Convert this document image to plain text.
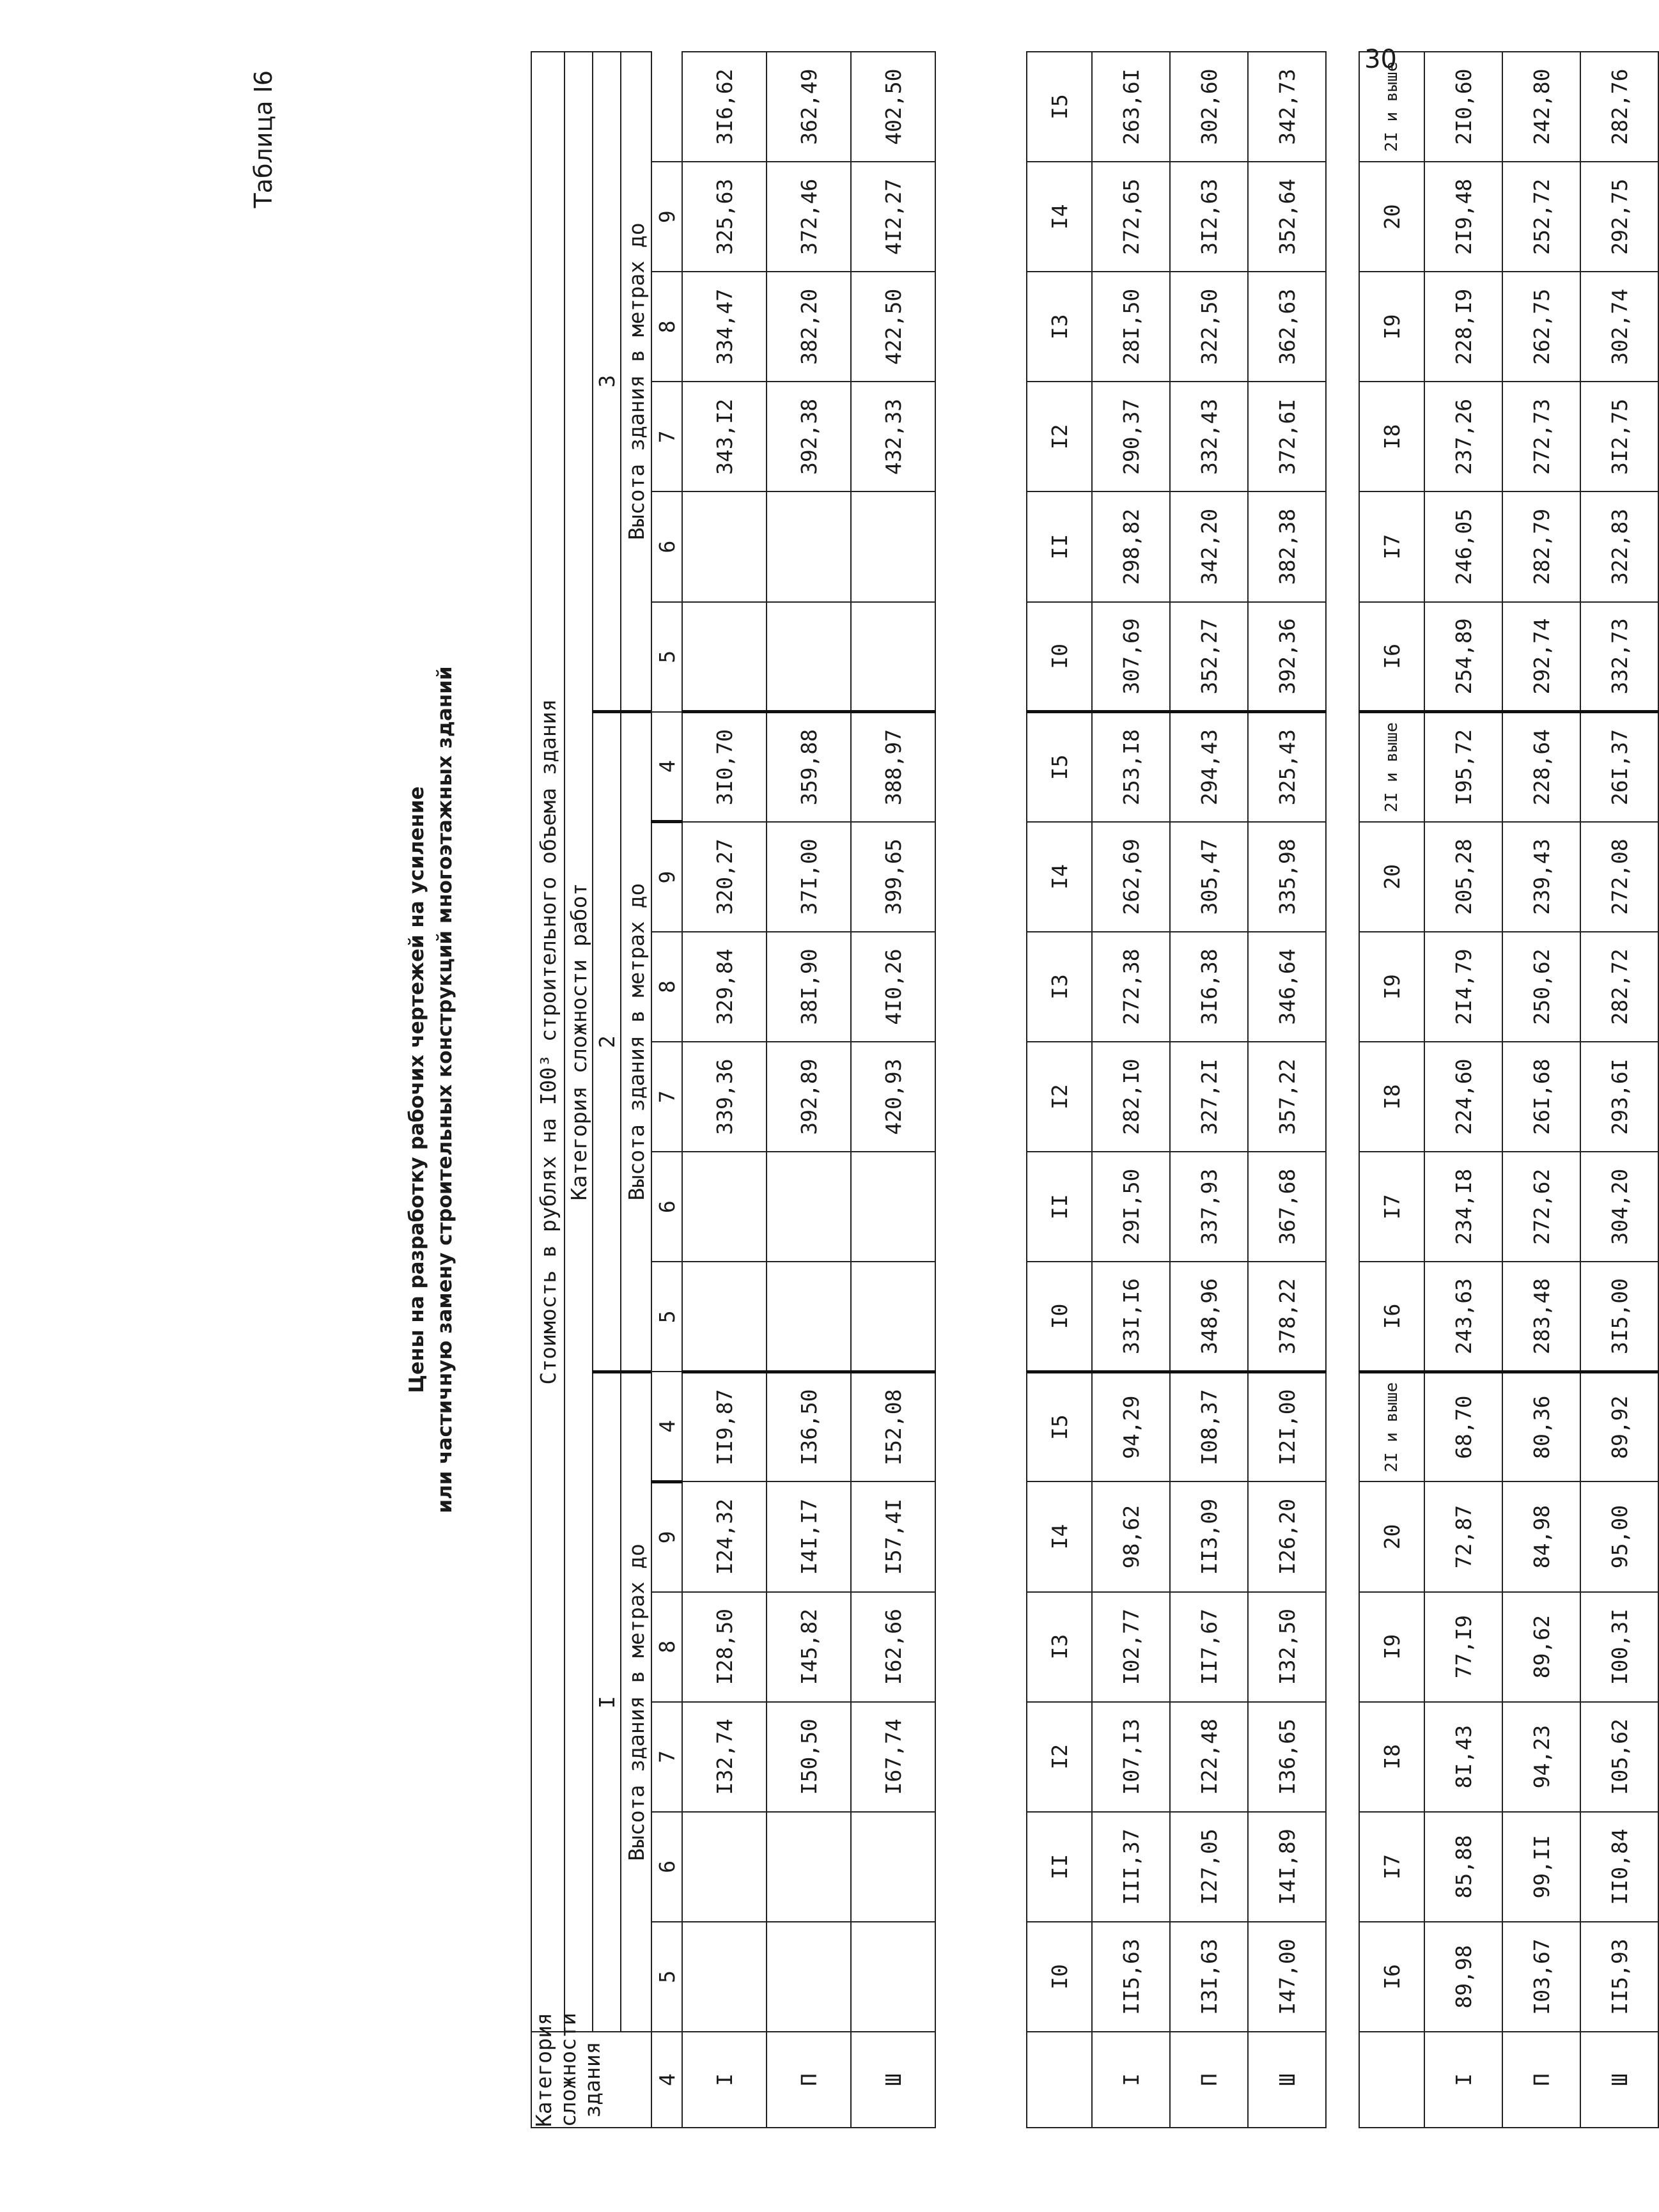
30
Таблица I6
Цены на разработку рабочих чертежей на усиление или частичную замену строительных конструкций многоэтажных зданий
Категория сложности здания	Стоимость в рублях на I00³ строительного объема здания																	
	Категория сложности работ																	
	I						2						3					
	Высота здания в метрах до						Высота здания в метрах до						Высота здания в метрах до					

4	5	6	7	8	9	4	5	6	7	8	9	4	5	6	7	8	9	
I			I32,74	I28,50	I24,32	II9,87			339,36	329,84	320,27	3I0,70			343,I2	334,47	325,63	3I6,62
П			I50,50	I45,82	I4I,I7	I36,50			392,89	38I,90	37I,00	359,88			392,38	382,20	372,46	362,49
Ш			I67,74	I62,66	I57,4I	I52,08			420,93	4I0,26	399,65	388,97			432,33	422,50	4I2,27	402,50
	I0	II	I2	I3	I4	I5	I0	II	I2	I3	I4	I5	I0	II	I2	I3	I4	I5
I	II5,63	III,37	I07,I3	I02,77	98,62	94,29	33I,I6	29I,50	282,I0	272,38	262,69	253,I8	307,69	298,82	290,37	28I,50	272,65	263,6I
П	I3I,63	I27,05	I22,48	II7,67	II3,09	I08,37	348,96	337,93	327,2I	3I6,38	305,47	294,43	352,27	342,20	332,43	322,50	3I2,63	302,60
Ш	I47,00	I4I,89	I36,65	I32,50	I26,20	I2I,00	378,22	367,68	357,22	346,64	335,98	325,43	392,36	382,38	372,6I	362,63	352,64	342,73
	I6	I7	I8	I9	20	2I и выше	I6	I7	I8	I9	20	2I и выше	I6	I7	I8	I9	20	2I и выше
I	89,98	85,88	8I,43	77,I9	72,87	68,70	243,63	234,I8	224,60	2I4,79	205,28	I95,72	254,89	246,05	237,26	228,I9	2I9,48	2I0,60
П	I03,67	99,II	94,23	89,62	84,98	80,36	283,48	272,62	26I,68	250,62	239,43	228,64	292,74	282,79	272,73	262,75	252,72	242,80
Ш	II5,93	II0,84	I05,62	I00,3I	95,00	89,92	3I5,00	304,20	293,6I	282,72	272,08	26I,37	332,73	322,83	3I2,75	302,74	292,75	282,76
